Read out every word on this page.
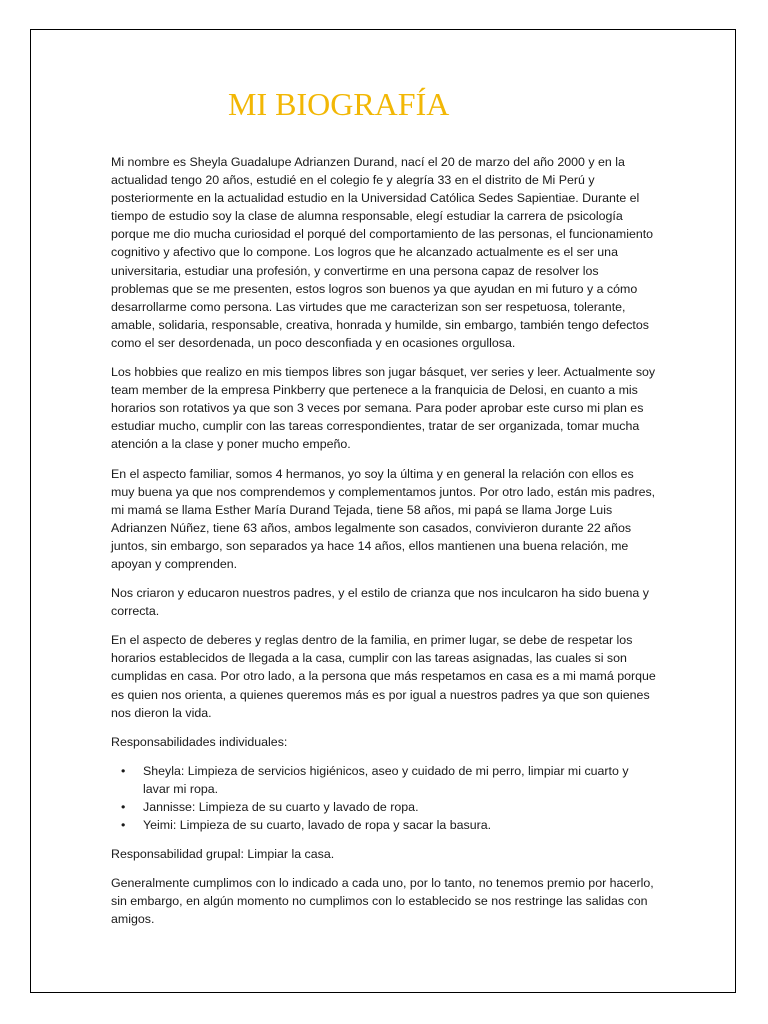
MI BIOGRAFÍA

Mi nombre es Sheyla Guadalupe Adrianzen Durand, nací el 20 de marzo del año 2000 y en la actualidad tengo 20 años, estudié en el colegio fe y alegría 33 en el distrito de Mi Perú y posteriormente en la actualidad estudio en la Universidad Católica Sedes Sapientiae. Durante el tiempo de estudio soy la clase de alumna responsable, elegí estudiar la carrera de psicología porque me dio mucha curiosidad el porqué del comportamiento de las personas, el funcionamiento cognitivo y afectivo que lo compone. Los logros que he alcanzado actualmente es el ser una universitaria, estudiar una profesión, y convertirme en una persona capaz de resolver los problemas que se me presenten, estos logros son buenos ya que ayudan en mi futuro y a cómo desarrollarme como persona. Las virtudes que me caracterizan son ser respetuosa, tolerante, amable, solidaria, responsable, creativa, honrada y humilde, sin embargo, también tengo defectos como el ser desordenada, un poco desconfiada y en ocasiones orgullosa.

Los hobbies que realizo en mis tiempos libres son jugar básquet, ver series y leer. Actualmente soy team member de la empresa Pinkberry que pertenece a la franquicia de Delosi, en cuanto a mis horarios son rotativos ya que son 3 veces por semana. Para poder aprobar este curso mi plan es estudiar mucho, cumplir con las tareas correspondientes, tratar de ser organizada, tomar mucha atención a la clase y poner mucho empeño.

En el aspecto familiar, somos 4 hermanos, yo soy la última y en general la relación con ellos es muy buena ya que nos comprendemos y complementamos juntos. Por otro lado, están mis padres, mi mamá se llama Esther María Durand Tejada, tiene 58 años, mi papá se llama Jorge Luis Adrianzen Núñez, tiene 63 años, ambos legalmente son casados, convivieron durante 22 años juntos, sin embargo, son separados ya hace 14 años, ellos mantienen una buena relación, me apoyan y comprenden.

Nos criaron y educaron nuestros padres, y el estilo de crianza que nos inculcaron ha sido buena y correcta.

En el aspecto de deberes y reglas dentro de la familia, en primer lugar, se debe de respetar los horarios establecidos de llegada a la casa, cumplir con las tareas asignadas, las cuales si son cumplidas en casa. Por otro lado, a la persona que más respetamos en casa es a mi mamá porque es quien nos orienta, a quienes queremos más es por igual a nuestros padres ya que son quienes nos dieron la vida.

Responsabilidades individuales:

• Sheyla: Limpieza de servicios higiénicos, aseo y cuidado de mi perro, limpiar mi cuarto y lavar mi ropa.
• Jannisse: Limpieza de su cuarto y lavado de ropa.
• Yeimi: Limpieza de su cuarto, lavado de ropa y sacar la basura.

Responsabilidad grupal: Limpiar la casa.

Generalmente cumplimos con lo indicado a cada uno, por lo tanto, no tenemos premio por hacerlo, sin embargo, en algún momento no cumplimos con lo establecido se nos restringe las salidas con amigos.
